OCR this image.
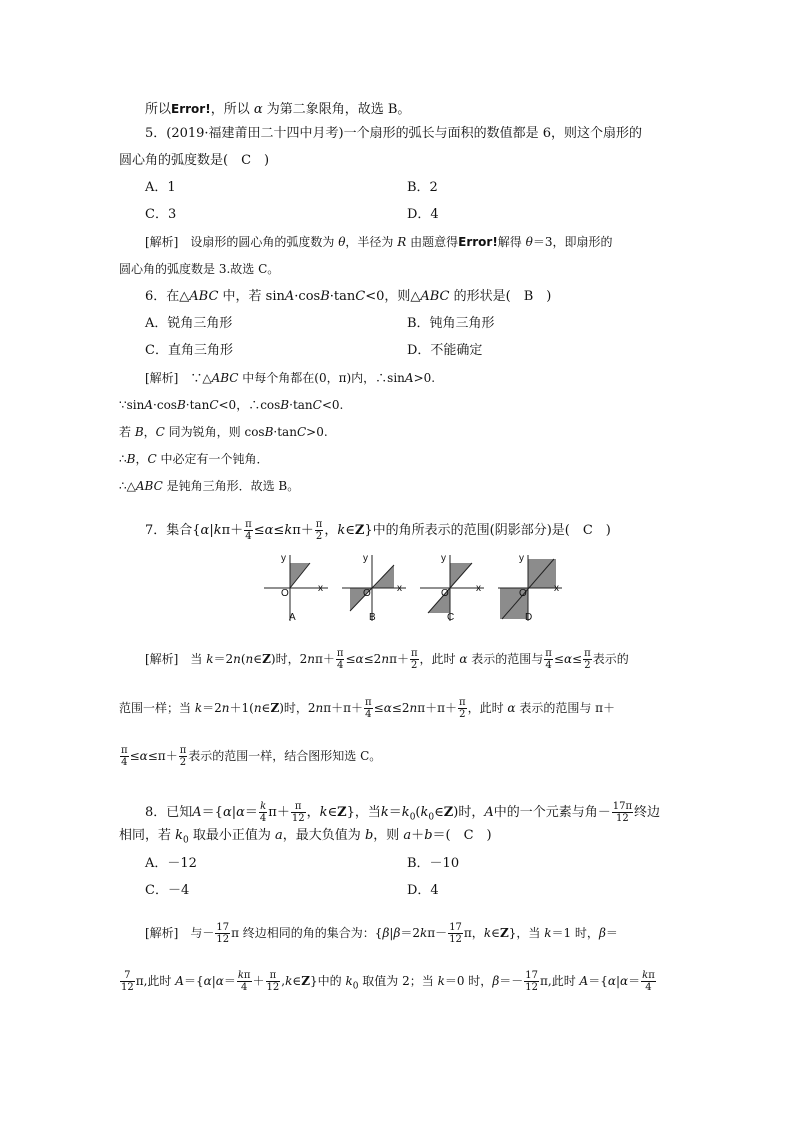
所以Error!，所以 α 为第二象限角，故选 B。
5．(2019·福建莆田二十四中月考)一个扇形的弧长与面积的数值都是 6，则这个扇形的
圆心角的弧度数是(　C　)
A．1	B．2
C．3	D．4
[解析]　设扇形的圆心角的弧度数为 θ，半径为 R 由题意得Error!解得 θ＝3，即扇形的
圆心角的弧度数是 3.故选 C。
6．在△ABC 中，若 sinA·cosB·tanC<0，则△ABC 的形状是(　B　)
A．锐角三角形	B．钝角三角形
C．直角三角形	D．不能确定
[解析]　∵△ABC 中每个角都在(0，π)内，∴sinA>0.
∵sinA·cosB·tanC<0，∴cosB·tanC<0.
若 B，C 同为锐角，则 cosB·tanC>0.
∴B，C 中必定有一个钝角．
∴△ABC 是钝角三角形．故选 B。
7．集合{$\alpha|k\pi+ \frac{\pi}{4} \le\alpha\le k\pi+ \frac{\pi}{2}$ ，k∈Z}中的角所表示的范围(阴影部分)是(　C　)
y
x
O
y
x
O
y
x
O
y
x
O
A	B	C	D
[解析]　当 k＝2n(n∈Z)时，$2n\pi+ \frac{\pi}{4} \le\alpha\le 2n\pi+ \frac{\pi}{2}$ ，此时 α 表示的范围与 $\frac{\pi}{4} \le\alpha\le \frac{\pi}{2}$ 表示的
范围一样；当 k＝2n＋1(n∈Z)时，$2n\pi+\pi+ \frac{\pi}{4} \le\alpha\le 2n\pi+\pi+ \frac{\pi}{2}$ ，此时 α 表示的范围与 π＋
$\frac{\pi}{4} \le\alpha\le\pi+ \frac{\pi}{2}$ 表示的范围一样，结合图形知选 C。
8．已知$A=\{\alpha|\alpha= \frac{k}{4} \pi+ \frac{\pi}{12}$ ，k∈Z}，当$k=k_0(k_0\in Z)$时，A中的一个元素与角－ $\frac{17\pi}{12}$ 终边
相同，若 $k_0$ 取最小正值为 a，最大负值为 b，则 a＋b＝(　C　)
A．－12	B．－10
C．－4	D．4
[解析]　与－ $\frac{17}{12}$ π 终边相同的角的集合为：{$\beta|\beta=2k\pi- \frac{17}{12}$ π，k∈Z}，当 k＝1 时，β＝
$\frac{7}{12} \pi$,此时 $A=\{\alpha|\alpha= \frac{k\pi}{4} + \frac{\pi}{12}$ ,k∈Z}中的 $k_0$ 取值为 2；当 k＝0 时，$\beta=- \frac{17}{12} \pi$,此时 $A=\{\alpha|\alpha= \frac{k\pi}{4}$
